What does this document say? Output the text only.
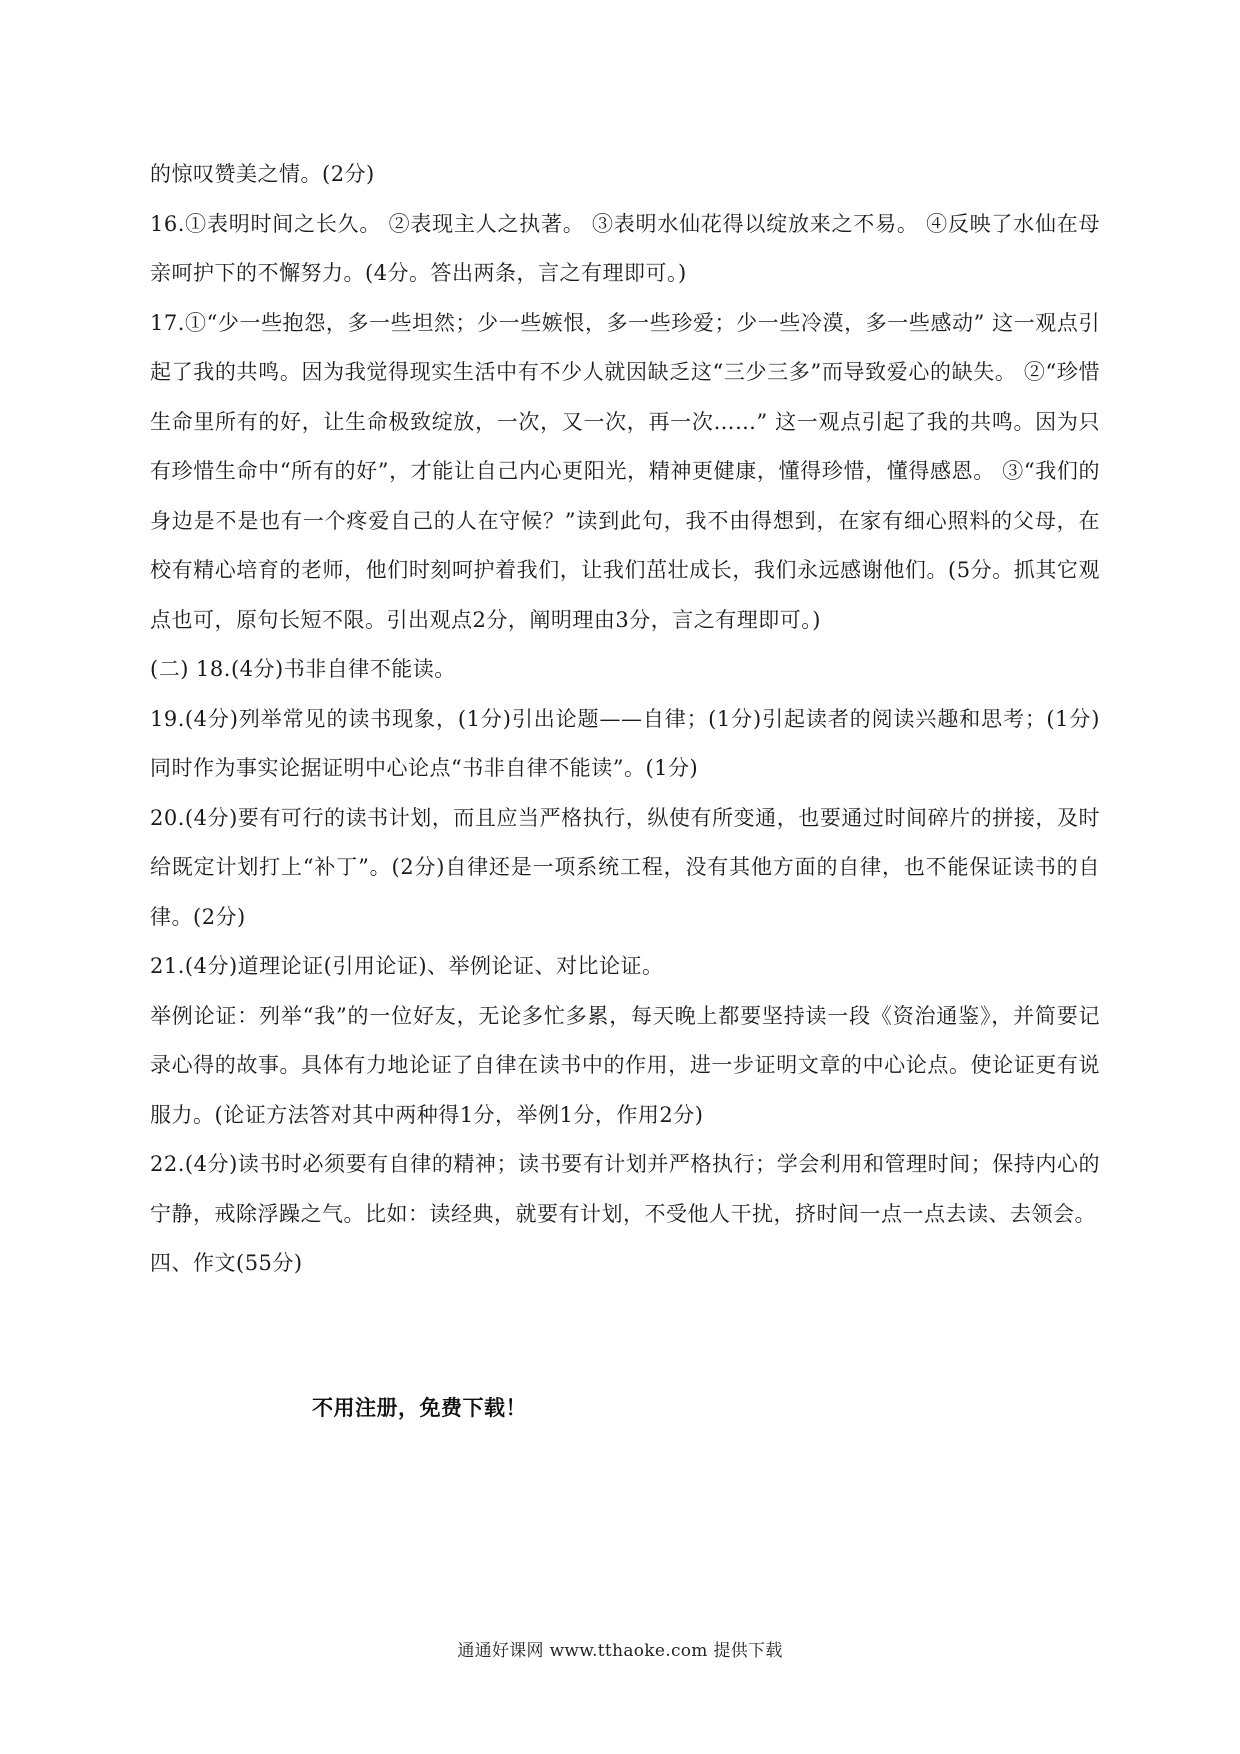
的惊叹赞美之情。(2分)

16.①表明时间之长久。 ②表现主人之执著。 ③表明水仙花得以绽放来之不易。 ④反映了水仙在母亲呵护下的不懈努力。(4分。答出两条，言之有理即可。)

17.①“少一些抱怨，多一些坦然；少一些嫉恨，多一些珍爱；少一些冷漠，多一些感动” 这一观点引起了我的共鸣。因为我觉得现实生活中有不少人就因缺乏这“三少三多”而导致爱心的缺失。 ②“珍惜生命里所有的好，让生命极致绽放，一次，又一次，再一次……” 这一观点引起了我的共鸣。因为只有珍惜生命中“所有的好”，才能让自己内心更阳光，精神更健康，懂得珍惜，懂得感恩。 ③“我们的身边是不是也有一个疼爱自己的人在守候？”读到此句，我不由得想到，在家有细心照料的父母，在校有精心培育的老师，他们时刻呵护着我们，让我们茁壮成长，我们永远感谢他们。(5分。抓其它观点也可，原句长短不限。引出观点2分，阐明理由3分，言之有理即可。)

(二) 18.(4分)书非自律不能读。

19.(4分)列举常见的读书现象，(1分)引出论题——自律；(1分)引起读者的阅读兴趣和思考；(1分)同时作为事实论据证明中心论点“书非自律不能读”。(1分)

20.(4分)要有可行的读书计划，而且应当严格执行，纵使有所变通，也要通过时间碎片的拼接，及时给既定计划打上“补丁”。(2分)自律还是一项系统工程，没有其他方面的自律，也不能保证读书的自律。(2分)

21.(4分)道理论证(引用论证)、举例论证、对比论证。

举例论证：列举“我”的一位好友，无论多忙多累，每天晚上都要坚持读一段《资治通鉴》，并简要记录心得的故事。具体有力地论证了自律在读书中的作用，进一步证明文章的中心论点。使论证更有说服力。(论证方法答对其中两种得1分，举例1分，作用2分)

22.(4分)读书时必须要有自律的精神；读书要有计划并严格执行；学会利用和管理时间；保持内心的宁静，戒除浮躁之气。比如：读经典，就要有计划，不受他人干扰，挤时间一点一点去读、去领会。

四、作文(55分)

不用注册，免费下载！
通通好课网 www.tthaoke.com 提供下载
